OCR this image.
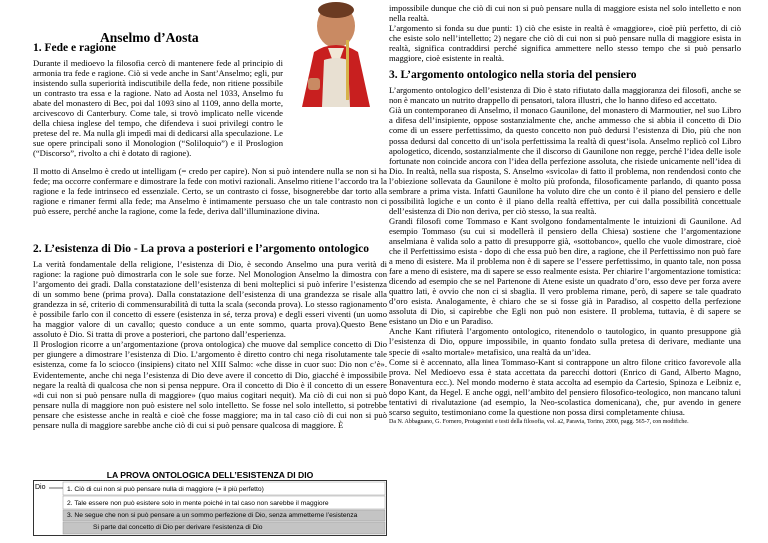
Anselmo d’Aosta
1. Fede e ragione

Durante il medioevo la filosofia cercò di mantenere fede al principio di armonia tra fede e ragione. Ciò si vede anche in Sant’Anselmo; egli, pur insistendo sulla superiorità indiscutibile della fede, non ritiene possibile un contrasto tra essa e la ragione. Nato ad Aosta nel 1033, Anselmo fu abate del monastero di Bec, poi dal 1093 sino al 1109, anno della morte, arcivescovo di Canterbury. Come tale, si trovò implicato nelle vicende della chiesa inglese del tempo, che difendeva i suoi privilegi contro le pretese del re. Ma nulla gli impedì mai di dedicarsi alla speculazione. Le sue opere principali sono il Monologion (“Soliloquio”) e il Proslogion (“Discorso”, rivolto a chi è dotato di ragione).

Il motto di Anselmo è credo ut intelligam (= credo per capire). Non si può intendere nulla se non si ha fede; ma occorre confermare e dimostrare la fede con motivi razionali. Anselmo ritiene l’accordo tra la ragione e la fede intrinseco ed essenziale. Certo, se un contrasto ci fosse, bisognerebbe dar torto alla ragione e rimaner fermi alla fede; ma Anselmo è intimamente persuaso che un tale contrasto non ci può essere, perché anche la ragione, come la fede, deriva dall’illuminazione divina.

2. L’esistenza di Dio - La prova a posteriori e l’argomento ontologico

La verità fondamentale della religione, l’esistenza di Dio, è secondo Anselmo una pura verità di ragione: la ragione può dimostrarla con le sole sue forze. Nel Monologion Anselmo la dimostra con l’argomento dei gradi. Dalla constatazione dell’esistenza di beni molteplici si può inferire l’esistenza di un sommo bene (prima prova). Dalla constatazione dell’esistenza di una grandezza se risale alla grandezza in sé, criterio di commensurabilità di tutta la scala (seconda prova). Lo stesso ragionamento è possibile farlo con il concetto di essere (esistenza in sé, terza prova) e degli esseri viventi (un uomo ha maggior valore di un cavallo; questo conduce a un ente sommo, quarta prova).Questo Bene assoluto è Dio. Si tratta di prove a posteriori, che partono dall’esperienza.

Il Proslogion ricorre a un’argomentazione (prova ontologica) che muove dal semplice concetto di Dio per giungere a dimostrare l’esistenza di Dio. L’argomento è diretto contro chi nega risolutamente tale esistenza, come fa lo sciocco (insipiens) citato nel XIII Salmo: «che disse in cuor suo: Dio non c’è». Evidentemente, anche chi nega l’esistenza di Dio deve avere il concetto di Dio, giacché è impossibile negare la realtà di qualcosa che non si pensa neppure. Ora il concetto di Dio è il concetto di un essere «di cui non si può pensare nulla di maggiore» (quo maius cogitari nequit). Ma ciò di cui non si può pensare nulla di maggiore non può esistere nel solo intelletto. Se fosse nel solo intelletto, si potrebbe pensare che esistesse anche in realtà e cioè che fosse maggiore; ma in tal caso ciò di cui non si può pensare nulla di maggiore sarebbe anche ciò di cui si può pensare qualcosa di maggiore. È

LA PROVA ONTOLOGICA DELL’ESISTENZA DI DIO
Dio	1. Ciò di cui non si può pensare nulla di maggiore (= il più perfetto)
2. Tale essere non può esistere solo in mente poiché in tal caso non sarebbe il maggiore
3. Ne segue che non si può pensare a un sommo perfezione di Dio, senza ammetterne l’esistenza
Si parte dal concetto di Dio per derivare l’esistenza di Dio

impossibile dunque che ciò di cui non si può pensare nulla di maggiore esista nel solo intelletto e non nella realtà.

L’argomento si fonda su due punti: 1) ciò che esiste in realtà è «maggiore», cioè più perfetto, di ciò che esiste solo nell’intelletto; 2) negare che ciò di cui non si può pensare nulla di maggiore esista in realtà, significa contraddirsi perché significa ammettere nello stesso tempo che si può pensarlo maggiore, cioè esistente in realtà.

3. L’argomento ontologico nella storia del pensiero

L’argomento ontologico dell’esistenza di Dio è stato rifiutato dalla maggioranza dei filosofi, anche se non è mancato un nutrito drappello di pensatori, talora illustri, che lo hanno difeso ed accettato.

Già un contemporaneo di Anselmo, il monaco Gaunilone, del monastero di Marmoutier, nel suo Libro a difesa dell’insipiente, oppose sostanzialmente che, anche ammesso che si abbia il concetto di Dio come di un essere perfettissimo, da questo concetto non può dedursi l’esistenza di Dio, più che non possa dedursi dal concetto di un’isola perfettissima la realtà di quest’isola. Anselmo replicò col Libro apologetico, dicendo, sostanzialmente che il discorso di Gaunilone non regge, perché l’idea delle isole fortunate non coincide ancora con l’idea della perfezione assoluta, che risiede unicamente nell’idea di Dio. In realtà, nella sua risposta, S. Anselmo «svicola» di fatto il problema, non rendendosi conto che l’obiezione sollevata da Gaunilone è molto più profonda, filosoficamente parlando, di quanto possa sembrare a prima vista. Infatti Gaunilone ha voluto dire che un conto è il piano del pensiero e delle possibilità logiche e un conto è il piano della realtà effettiva, per cui dalla possibilità concettuale dell’esistenza di Dio non deriva, per ciò stesso, la sua realtà.

Grandi filosofi come Tommaso e Kant svolgono fondamentalmente le intuizioni di Gaunilone. Ad esempio Tommaso (su cui si modellerà il pensiero della Chiesa) sostiene che l’argomentazione anselmiana è valida solo a patto di presupporre già, «sottobanco», quello che vuole dimostrare, cioè che il Perfettissimo esista - dopo di che essa può ben dire, a ragione, che il Perfettissimo non può fare a meno di esistere. Ma il problema non è di sapere se l’essere perfettissimo, in quanto tale, non possa fare a meno di esistere, ma di sapere se esso realmente esista. Per chiarire l’argomentazione tomistica: dicendo ad esempio che se nel Partenone di Atene esiste un quadrato d’oro, esso deve per forza avere quattro lati, è ovvio che non ci si sbaglia. Il vero problema rimane, però, di sapere se tale quadrato d’oro esista. Analogamente, è chiaro che se si fosse già in Paradiso, al cospetto della perfezione assoluta di Dio, si capirebbe che Egli non può non esistere. Il problema, tuttavia, è di sapere se esistano un Dio e un Paradiso.

Anche Kant rifiuterà l’argomento ontologico, ritenendolo o tautologico, in quanto presuppone già l’esistenza di Dio, oppure impossibile, in quanto fondato sulla pretesa di derivare, mediante una specie di «salto mortale» metafisico, una realtà da un’idea.

Come si è accennato, alla linea Tommaso-Kant si contrappone un altro filone critico favorevole alla prova. Nel Medioevo essa è stata accettata da parecchi dottori (Enrico di Gand, Alberto Magno, Bonaventura ecc.). Nel mondo moderno è stata accolta ad esempio da Cartesio, Spinoza e Leibniz e, dopo Kant, da Hegel. E anche oggi, nell’ambito del pensiero filosofico-teologico, non mancano taluni tentativi di rivalutazione (ad esempio, la Neo-scolastica domenicana), che, pur avendo in genere scarso seguito, testimoniano come la questione non possa dirsi completamente chiusa.

Da N. Abbagnano, G. Fornero, Protagonisti e testi della filosofia, vol. a2, Paravia, Torino, 2000, pagg. 565-7, con modifiche.
